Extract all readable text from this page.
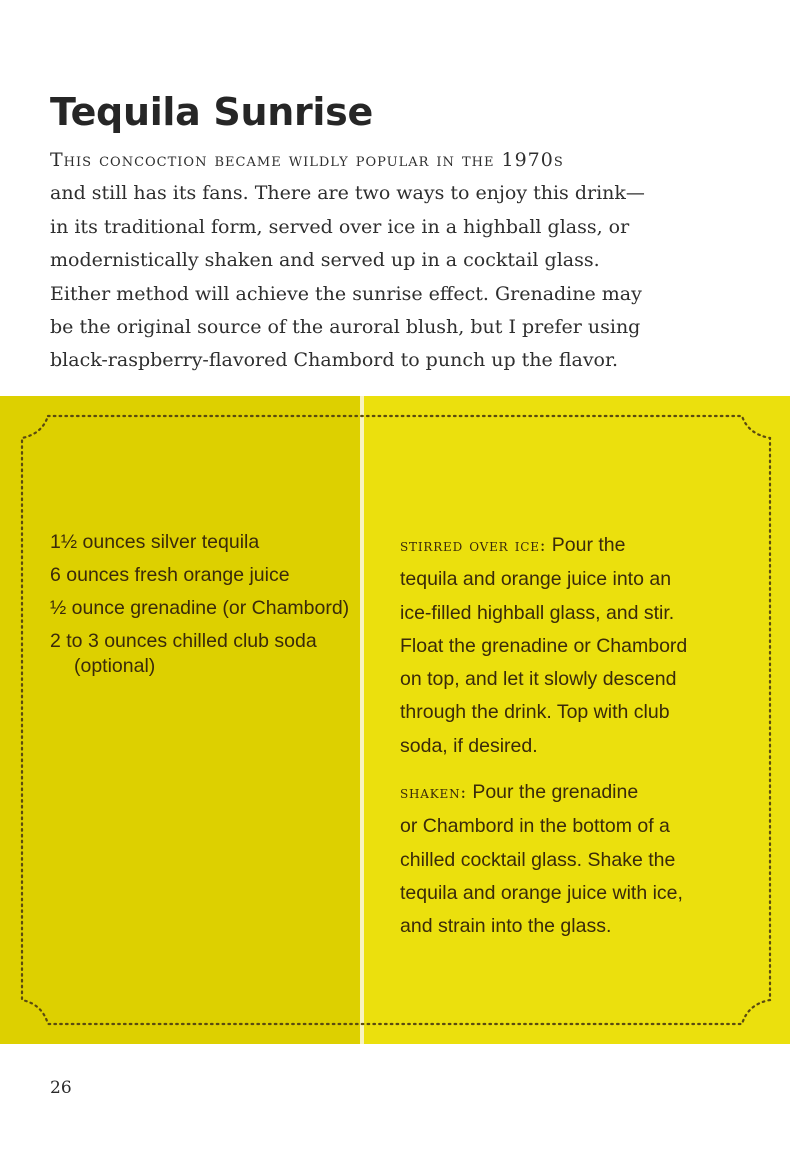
Tequila Sunrise

This concoction became wildly popular in the 1970s
and still has its fans. There are two ways to enjoy this drink—
in its traditional form, served over ice in a highball glass, or
modernistically shaken and served up in a cocktail glass.
Either method will achieve the sunrise effect. Grenadine may
be the original source of the auroral blush, but I prefer using
black-raspberry-flavored Chambord to punch up the flavor.

1½ ounces silver tequila
6 ounces fresh orange juice
½ ounce grenadine (or Chambord)
2 to 3 ounces chilled club soda (optional)

stirred over ice: Pour the
tequila and orange juice into an
ice-filled highball glass, and stir.
Float the grenadine or Chambord
on top, and let it slowly descend
through the drink. Top with club
soda, if desired.

shaken: Pour the grenadine
or Chambord in the bottom of a
chilled cocktail glass. Shake the
tequila and orange juice with ice,
and strain into the glass.

26
